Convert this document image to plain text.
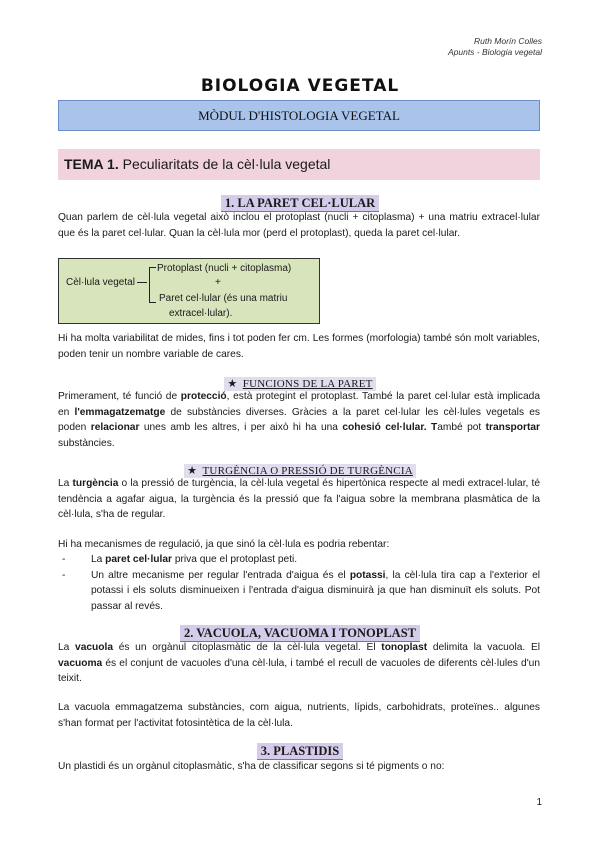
Ruth Morín Colles
Apunts - Biologia vegetal
BIOLOGIA VEGETAL
MÒDUL D'HISTOLOGIA VEGETAL
TEMA 1. Peculiaritats de la cèl·lula vegetal
1. LA PARET CEL·LULAR
Quan parlem de cèl·lula vegetal això inclou el protoplast (nucli + citoplasma) + una matriu extracel·lular que és la paret cel·lular. Quan la cèl·lula mor (perd el protoplast), queda la paret cel·lular.
Cèl·lula vegetal
Protoplast (nucli + citoplasma)
+
Paret cel·lular (és una matriu
extracel·lular).
Hi ha molta variabilitat de mides, fins i tot poden fer cm. Les formes (morfologia) també són molt variables, poden tenir un nombre variable de cares.
★ FUNCIONS DE LA PARET
Primerament, té funció de protecció, està protegint el protoplast. També la paret cel·lular està implicada en l'emmagatzematge de substàncies diverses. Gràcies a la paret cel·lular les cèl·lules vegetals es poden relacionar unes amb les altres, i per això hi ha una cohesió cel·lular. També pot transportar substàncies.
★ TURGÈNCIA O PRESSIÓ DE TURGÈNCIA
La turgència o la pressió de turgència, la cèl·lula vegetal és hipertònica respecte al medi extracel·lular, té tendència a agafar aigua, la turgència és la pressió que fa l'aigua sobre la membrana plasmàtica de la cèl·lula, s'ha de regular.
Hi ha mecanismes de regulació, ja que sinó la cèl·lula es podria rebentar:
- La paret cel·lular priva que el protoplast peti.
- Un altre mecanisme per regular l'entrada d'aigua és el potassi, la cèl·lula tira cap a l'exterior el potassi i els soluts disminueixen i l'entrada d'aigua disminuirà ja que han disminuït els soluts. Pot passar al revés.
2. VACUOLA, VACUOMA I TONOPLAST
La vacuola és un orgànul citoplasmàtic de la cèl·lula vegetal. El tonoplast delimita la vacuola. El vacuoma és el conjunt de vacuoles d'una cèl·lula, i també el recull de vacuoles de diferents cèl·lules d'un teixit.
La vacuola emmagatzema substàncies, com aigua, nutrients, lípids, carbohidrats, proteïnes.. algunes s'han format per l'activitat fotosintètica de la cèl·lula.
3. PLASTIDIS
Un plastidi és un orgànul citoplasmàtic, s'ha de classificar segons si té pigments o no:
1
